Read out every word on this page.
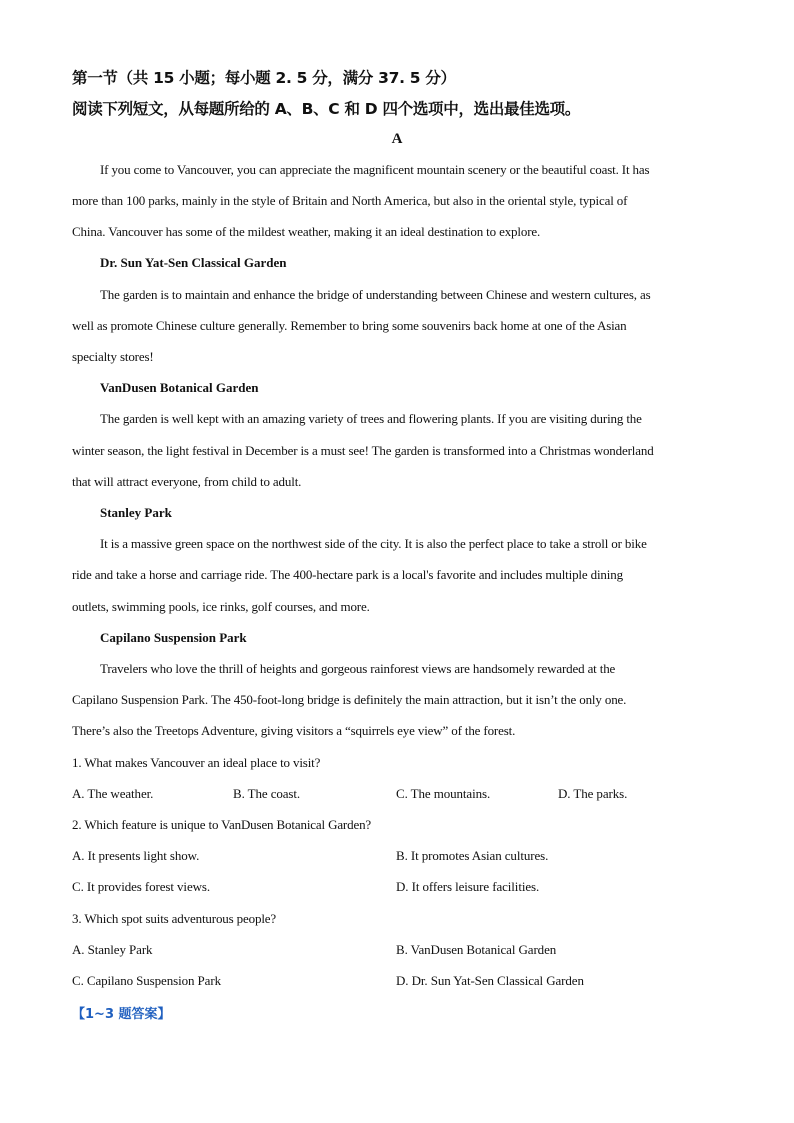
第一节（共 15 小题；每小题 2. 5 分，满分 37. 5 分）
阅读下列短文，从每题所给的 A、B、C 和 D 四个选项中，选出最佳选项。
A
If you come to Vancouver, you can appreciate the magnificent mountain scenery or the beautiful coast. It has
more than 100 parks, mainly in the style of Britain and North America, but also in the oriental style, typical of
China. Vancouver has some of the mildest weather, making it an ideal destination to explore.
Dr. Sun Yat-Sen Classical Garden
The garden is to maintain and enhance the bridge of understanding between Chinese and western cultures, as
well as promote Chinese culture generally. Remember to bring some souvenirs back home at one of the Asian
specialty stores!
VanDusen Botanical Garden
The garden is well kept with an amazing variety of trees and flowering plants. If you are visiting during the
winter season, the light festival in December is a must see! The garden is transformed into a Christmas wonderland
that will attract everyone, from child to adult.
Stanley Park
It is a massive green space on the northwest side of the city. It is also the perfect place to take a stroll or bike
ride and take a horse and carriage ride. The 400-hectare park is a local's favorite and includes multiple dining
outlets, swimming pools, ice rinks, golf courses, and more.
Capilano Suspension Park
Travelers who love the thrill of heights and gorgeous rainforest views are handsomely rewarded at the
Capilano Suspension Park. The 450-foot-long bridge is definitely the main attraction, but it isn’t the only one.
There’s also the Treetops Adventure, giving visitors a “squirrels eye view” of the forest.
1. What makes Vancouver an ideal place to visit?
A. The weather.	B. The coast.	C. The mountains.	D. The parks.
2. Which feature is unique to VanDusen Botanical Garden?
A. It presents light show.	B. It promotes Asian cultures.
C. It provides forest views.	D. It offers leisure facilities.
3. Which spot suits adventurous people?
A. Stanley Park	B. VanDusen Botanical Garden
C. Capilano Suspension Park	D. Dr. Sun Yat-Sen Classical Garden
【1~3 题答案】
